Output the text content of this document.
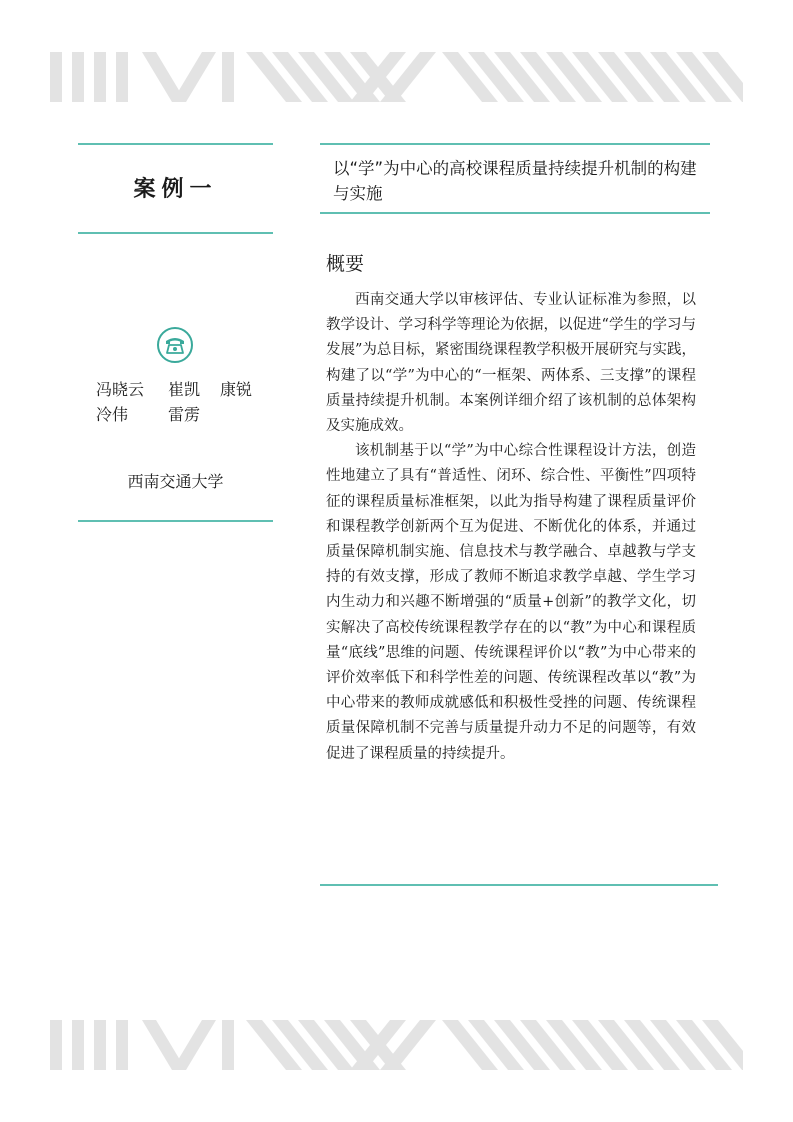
案例一
冯晓云	崔凯	康锐
冷伟	雷雳
西南交通大学
以“学”为中心的高校课程质量持续提升机制的构建与实施
概要

西南交通大学以审核评估、专业认证标准为参照，以教学设计、学习科学等理论为依据，以促进“学生的学习与发展”为总目标，紧密围绕课程教学积极开展研究与实践，构建了以“学”为中心的“一框架、两体系、三支撑”的课程质量持续提升机制。本案例详细介绍了该机制的总体架构及实施成效。

该机制基于以“学”为中心综合性课程设计方法，创造性地建立了具有“普适性、闭环、综合性、平衡性”四项特征的课程质量标准框架，以此为指导构建了课程质量评价和课程教学创新两个互为促进、不断优化的体系，并通过质量保障机制实施、信息技术与教学融合、卓越教与学支持的有效支撑，形成了教师不断追求教学卓越、学生学习内生动力和兴趣不断增强的“质量+创新”的教学文化，切实解决了高校传统课程教学存在的以“教”为中心和课程质量“底线”思维的问题、传统课程评价以“教”为中心带来的评价效率低下和科学性差的问题、传统课程改革以“教”为中心带来的教师成就感低和积极性受挫的问题、传统课程质量保障机制不完善与质量提升动力不足的问题等，有效促进了课程质量的持续提升。
